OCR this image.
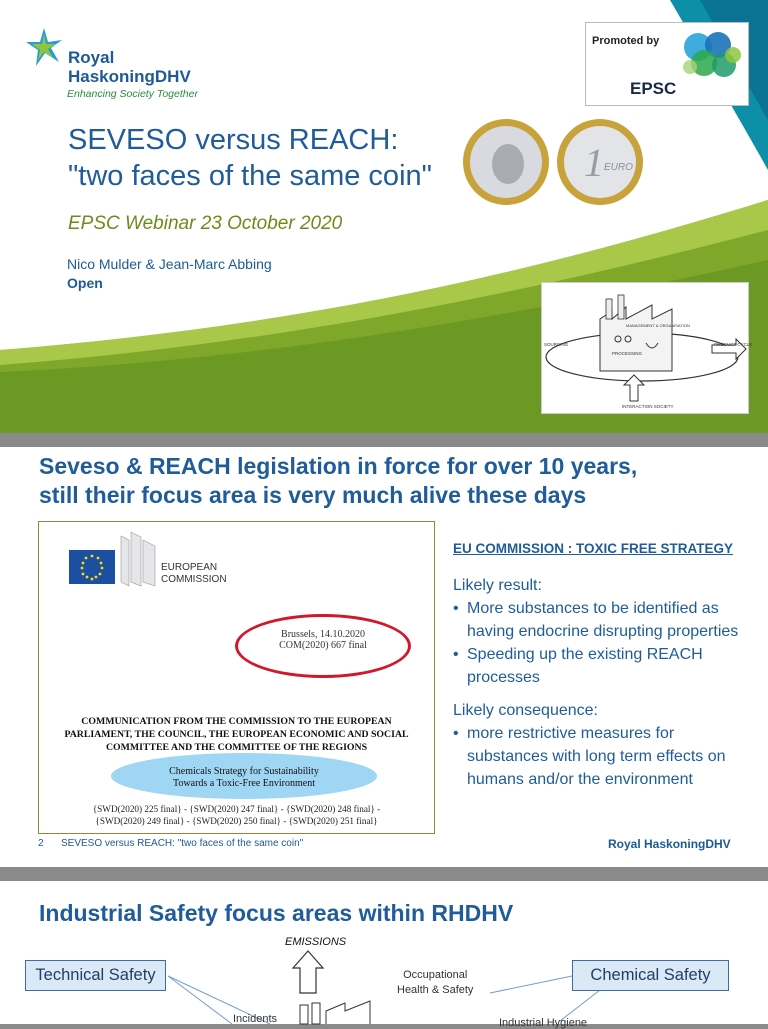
Royal
HaskoningDHV
Enhancing Society Together
SEVESO versus REACH:
"two faces of the same coin"	1 EURO
EPSC Webinar 23 October 2020
Nico Mulder & Jean-Marc Abbing
Open
Promoted by
EPSC
MANAGEMENT & ORGANISATION
SOURCING
PROCESSING
PRODUCT CYCLE
INTERACTION SOCIETY
Seveso & REACH legislation in force for over 10 years,
still their focus area is very much alive these days
EUROPEAN
COMMISSION
Brussels, 14.10.2020
COM(2020) 667 final
COMMUNICATION FROM THE COMMISSION TO THE EUROPEAN
PARLIAMENT, THE COUNCIL, THE EUROPEAN ECONOMIC AND SOCIAL
COMMITTEE AND THE COMMITTEE OF THE REGIONS
Chemicals Strategy for Sustainability
Towards a Toxic-Free Environment
{SWD(2020) 225 final} - {SWD(2020) 247 final} - {SWD(2020) 248 final} -
{SWD(2020) 249 final} - {SWD(2020) 250 final} - {SWD(2020) 251 final}
EU COMMISSION : TOXIC FREE STRATEGY

Likely result:

• More substances to be identified as having endocrine disrupting properties
• Speeding up the existing REACH processes

Likely consequence:

• more restrictive measures for substances with long term effects on humans and/or the environment
2 SEVESO versus REACH: "two faces of the same coin"	Royal HaskoningDHV
Industrial Safety focus areas within RHDHV
EMISSIONS
Technical Safety	Chemical Safety
Occupational
Health & Safety
Incidents	Industrial Hygiene
